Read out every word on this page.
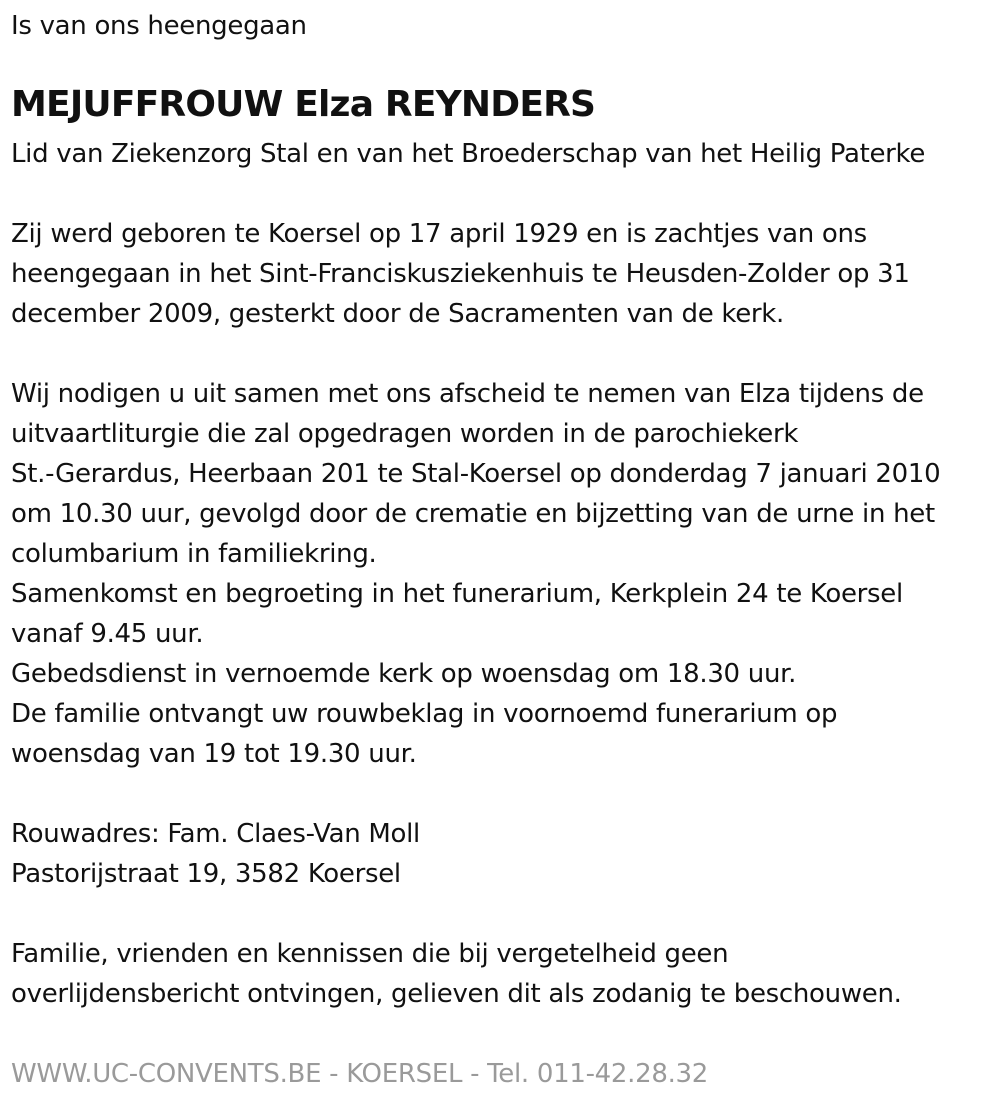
Is van ons heengegaan
MEJUFFROUW Elza REYNDERS
Lid van Ziekenzorg Stal en van het Broederschap van het Heilig Paterke
Zij werd geboren te Koersel op 17 april 1929 en is zachtjes van ons
heengegaan in het Sint-Franciskusziekenhuis te Heusden-Zolder op 31
december 2009, gesterkt door de Sacramenten van de kerk.
Wij nodigen u uit samen met ons afscheid te nemen van Elza tijdens de
uitvaartliturgie die zal opgedragen worden in de parochiekerk
St.-Gerardus, Heerbaan 201 te Stal-Koersel op donderdag 7 januari 2010
om 10.30 uur, gevolgd door de crematie en bijzetting van de urne in het
columbarium in familiekring.
Samenkomst en begroeting in het funerarium, Kerkplein 24 te Koersel
vanaf 9.45 uur.
Gebedsdienst in vernoemde kerk op woensdag om 18.30 uur.
De familie ontvangt uw rouwbeklag in voornoemd funerarium op
woensdag van 19 tot 19.30 uur.
Rouwadres: Fam. Claes-Van Moll
Pastorijstraat 19, 3582 Koersel
Familie, vrienden en kennissen die bij vergetelheid geen
overlijdensbericht ontvingen, gelieven dit als zodanig te beschouwen.
WWW.UC-CONVENTS.BE - KOERSEL - Tel. 011-42.28.32
